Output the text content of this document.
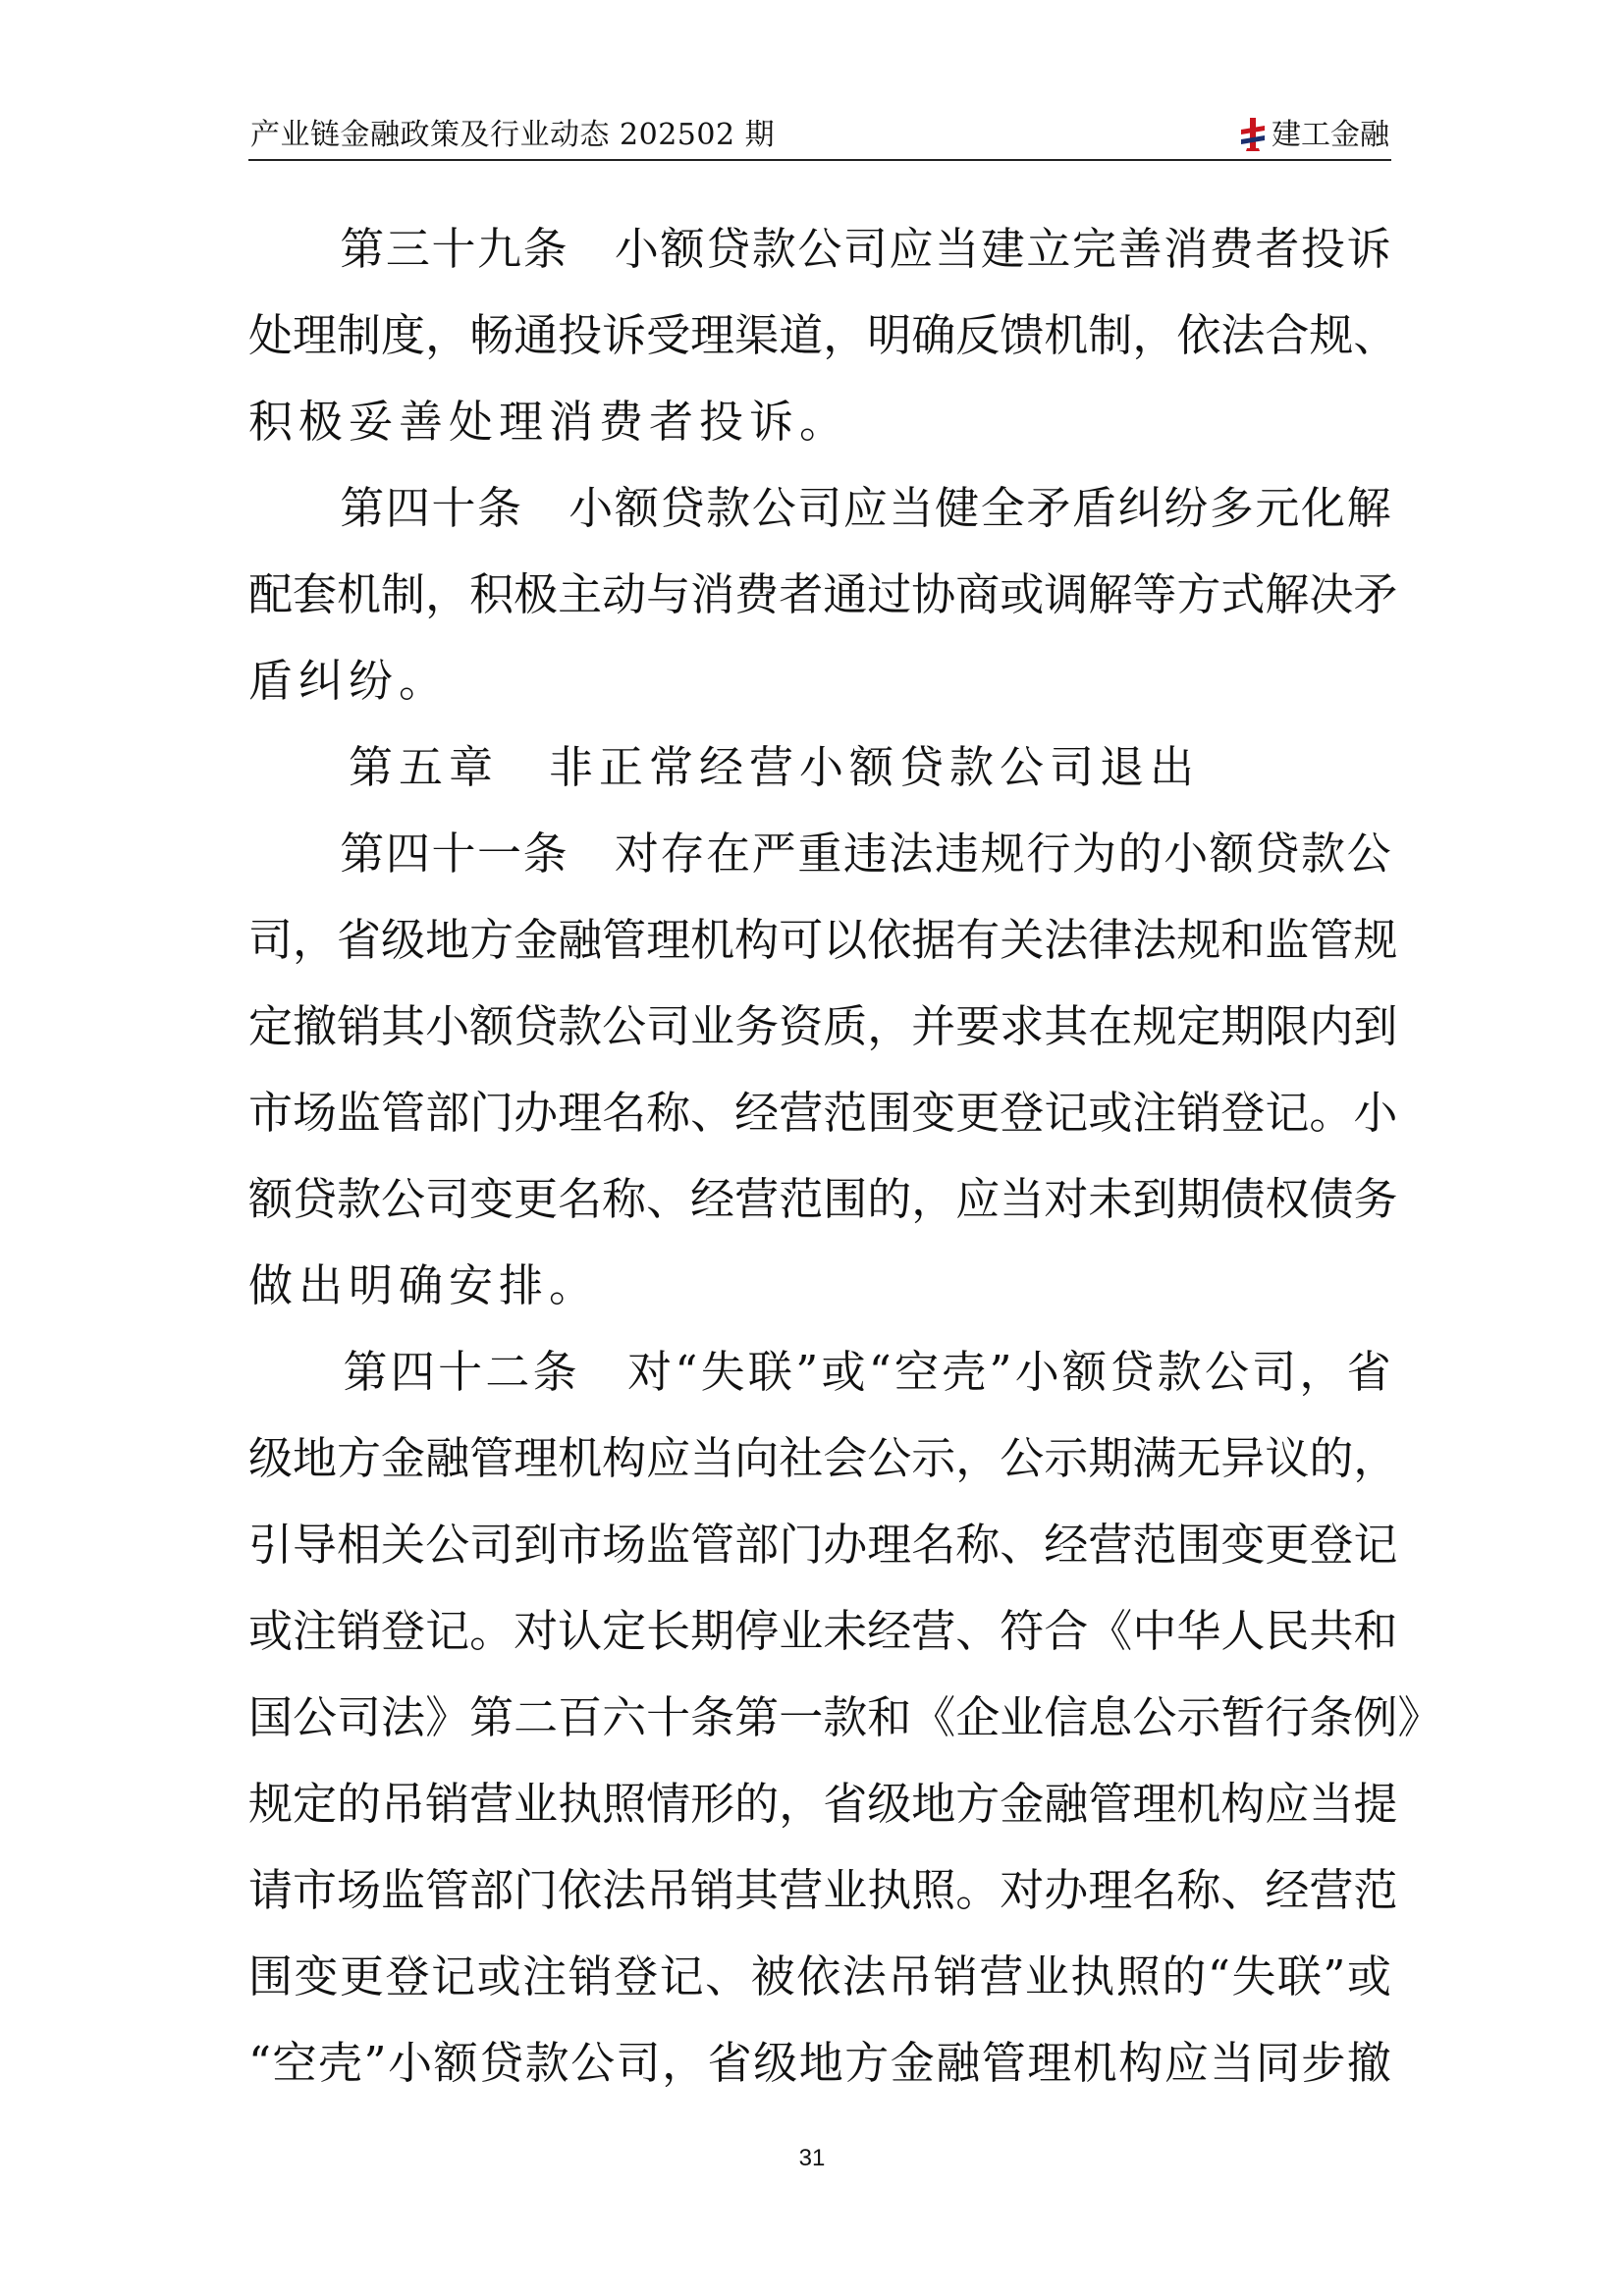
产业链金融政策及行业动态 202502 期	建工金融

第 三 十 九 条
　 小 额 贷 款 公 司 应 当 建 立 完 善 消 费 者 投 诉
处 理 制 度 ， 畅 通 投 诉 受 理 渠 道 ， 明 确 反 馈 机 制 ， 依 法 合 规 、
积极妥善处理消费者投诉。

第 四 十 条
　 小 额 贷 款 公 司 应 当 健 全 矛 盾 纠 纷 多 元 化 解
配 套 机 制 ， 积 极 主 动 与 消 费 者 通 过 协 商 或 调 解 等 方 式 解 决 矛
盾纠纷。
　　第五章　非正常经营小额贷款公司退出

第 四 十 一 条
　 对 存 在 严 重 违 法 违 规 行 为 的 小 额 贷 款 公
司 ， 省 级 地 方 金 融 管 理 机 构 可 以 依 据 有 关 法 律 法 规 和 监 管 规
定 撤 销 其 小 额 贷 款 公 司 业 务 资 质 ， 并 要 求 其 在 规 定 期 限 内 到
市 场 监 管 部 门 办 理 名 称 、 经 营 范 围 变 更 登 记 或 注 销 登 记 。 小
额 贷 款 公 司 变 更 名 称 、 经 营 范 围 的 ， 应 当 对 未 到 期 债 权 债 务
做出明确安排。

第 四 十 二 条
　 对 “ 失 联 ” 或 “ 空 壳 ” 小 额 贷 款 公 司 ， 省
级 地 方 金 融 管 理 机 构 应 当 向 社 会 公 示 ， 公 示 期 满 无 异 议 的 ，
引 导 相 关 公 司 到 市 场 监 管 部 门 办 理 名 称 、 经 营 范 围 变 更 登 记
或 注 销 登 记 。 对 认 定 长 期 停 业 未 经 营 、 符 合 《 中 华 人 民 共 和
国 公 司 法 》 第 二 百 六 十 条 第 一 款 和 《 企 业 信 息 公 示 暂 行 条 例 》
规 定 的 吊 销 营 业 执 照 情 形 的 ， 省 级 地 方 金 融 管 理 机 构 应 当 提
请 市 场 监 管 部 门 依 法 吊 销 其 营 业 执 照 。 对 办 理 名 称 、 经 营 范
围 变 更 登 记 或 注 销 登 记 、 被 依 法 吊 销 营 业 执 照 的 “ 失 联 ” 或
“ 空 壳 ” 小 额 贷 款 公 司 ， 省 级 地 方 金 融 管 理 机 构 应 当 同 步 撤
31
